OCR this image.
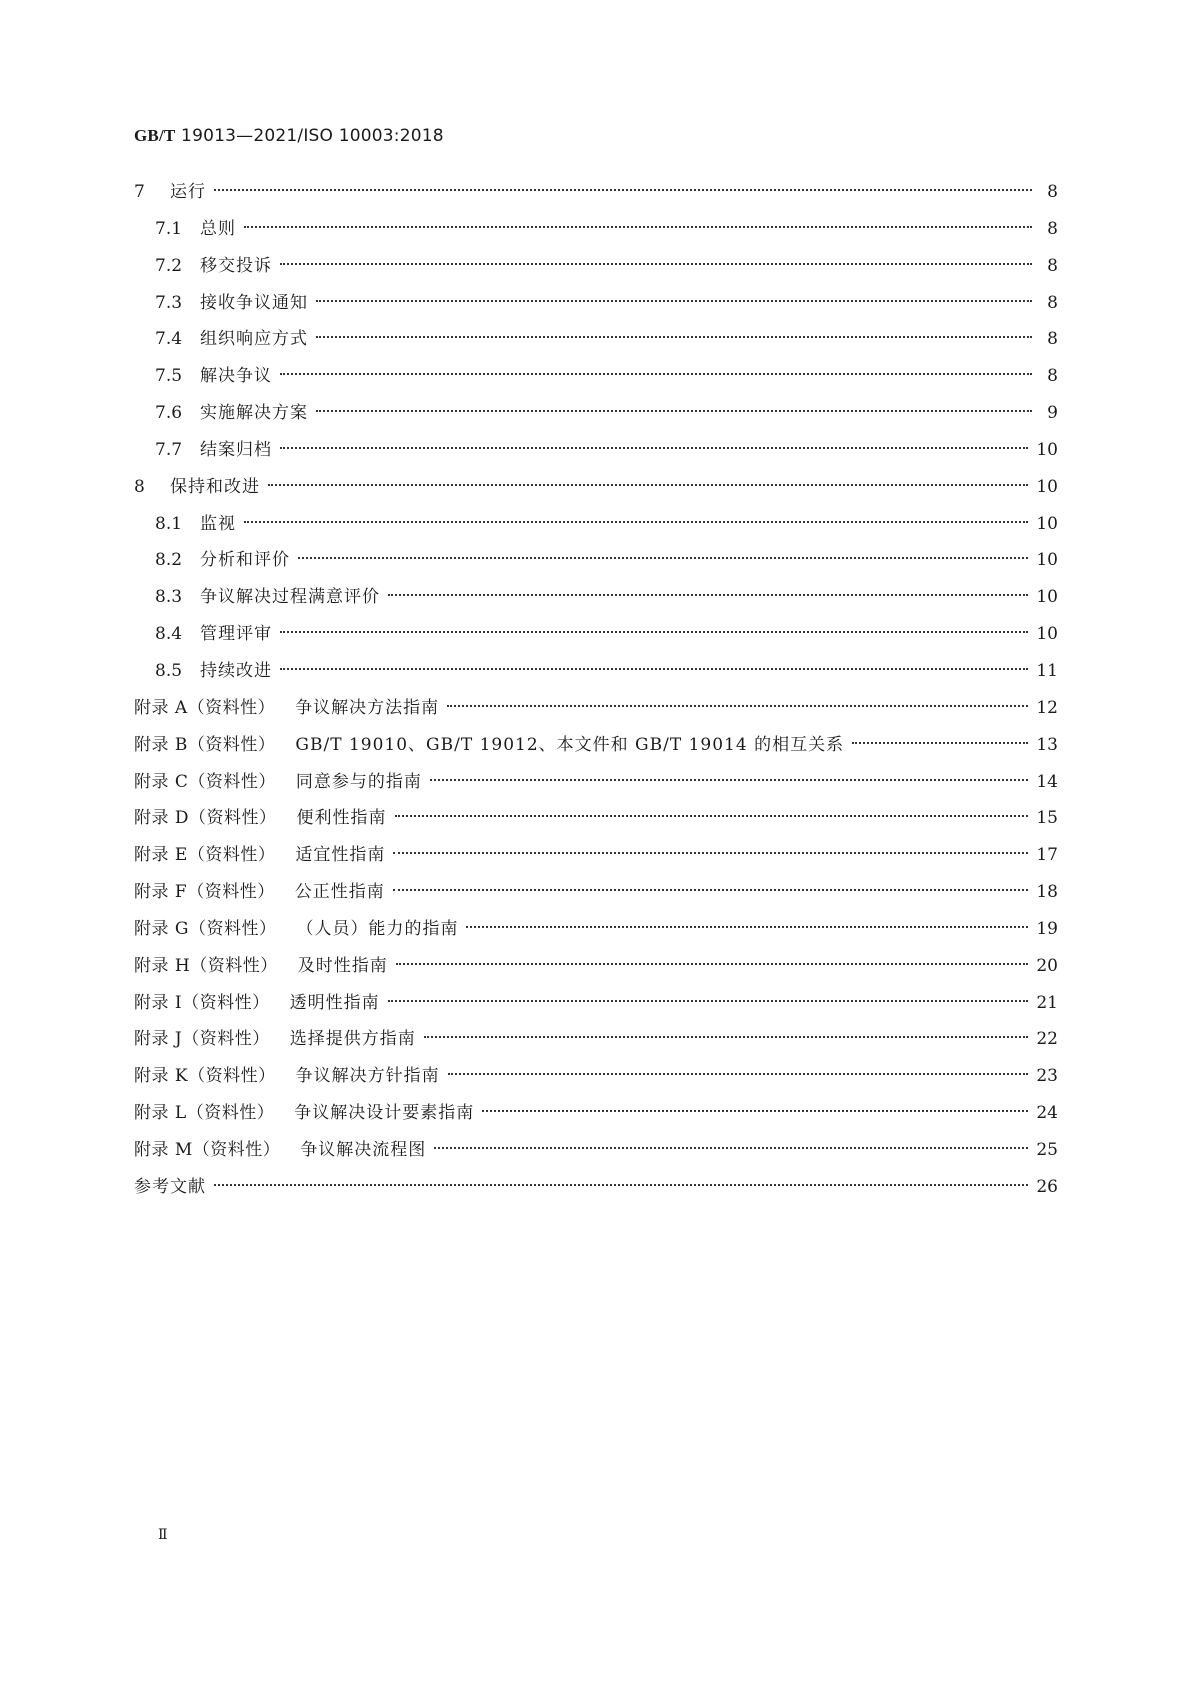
GB/T 19013—2021/ISO 10003:2018
7	运行	8
7.1	总则	8
7.2	移交投诉	8
7.3	接收争议通知	8
7.4	组织响应方式	8
7.5	解决争议	8
7.6	实施解决方案	9
7.7	结案归档	10
8	保持和改进	10
8.1	监视	10
8.2	分析和评价	10
8.3	争议解决过程满意评价	10
8.4	管理评审	10
8.5	持续改进	11
附录 A（资料性） 争议解决方法指南	12
附录 B（资料性） GB/T 19010、GB/T 19012、本文件和 GB/T 19014 的相互关系	13
附录 C（资料性） 同意参与的指南	14
附录 D（资料性） 便利性指南	15
附录 E（资料性） 适宜性指南	17
附录 F（资料性） 公正性指南	18
附录 G（资料性） （人员）能力的指南	19
附录 H（资料性） 及时性指南	20
附录 I（资料性） 透明性指南	21
附录 J（资料性） 选择提供方指南	22
附录 K（资料性） 争议解决方针指南	23
附录 L（资料性） 争议解决设计要素指南	24
附录 M（资料性） 争议解决流程图	25
参考文献	26
Ⅱ
